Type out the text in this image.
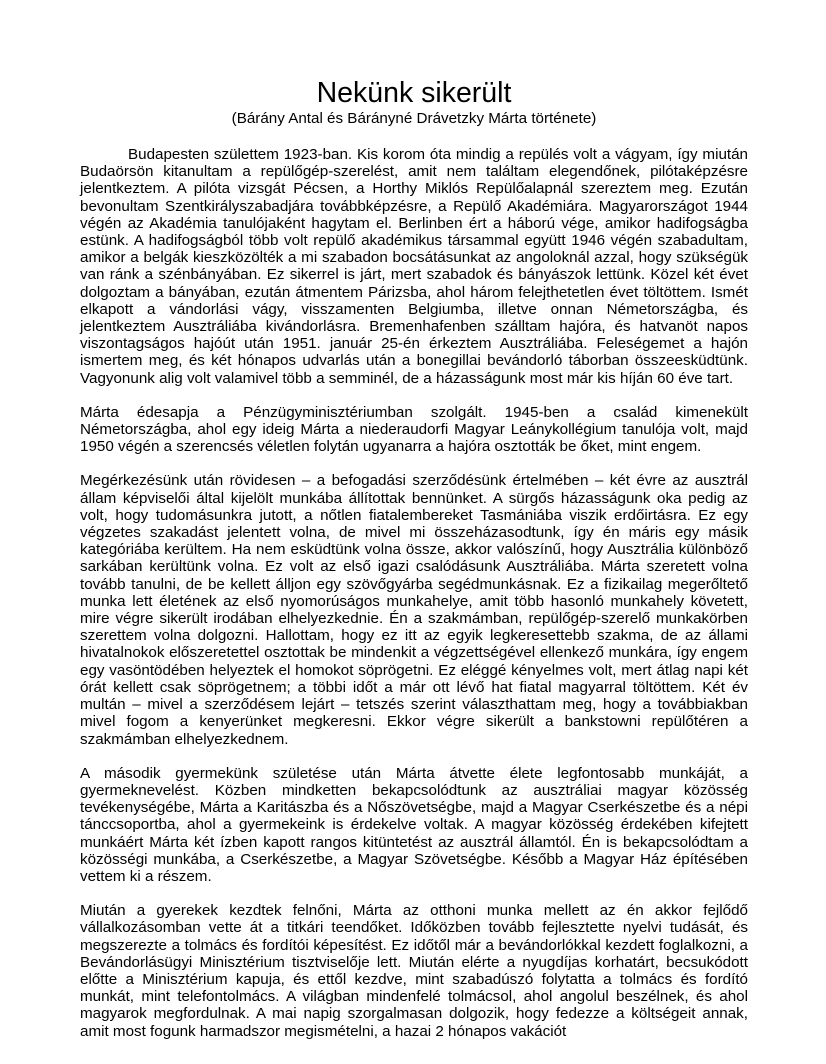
Nekünk sikerült

(Bárány Antal és Bárányné Drávetzky Márta története)

Budapesten születtem 1923-ban. Kis korom óta mindig a repülés volt a vágyam, így miután Budaörsön kitanultam a repülőgép-szerelést, amit nem találtam elegendőnek, pilótaképzésre jelentkeztem. A pilóta vizsgát Pécsen, a Horthy Miklós Repülőalapnál szereztem meg. Ezután bevonultam Szentkirályszabadjára továbbképzésre, a Repülő Akadémiára. Magyarországot 1944 végén az Akadémia tanulójaként hagytam el. Berlinben ért a háború vége, amikor hadifogságba estünk. A hadifogságból több volt repülő akadémikus társammal együtt 1946 végén szabadultam, amikor a belgák kieszközölték a mi szabadon bocsátásunkat az angoloknál azzal, hogy szükségük van ránk a szénbányában. Ez sikerrel is járt, mert szabadok és bányászok lettünk. Közel két évet dolgoztam a bányában, ezután átmentem Párizsba, ahol három felejthetetlen évet töltöttem. Ismét elkapott a vándorlási vágy, visszamenten Belgiumba, illetve onnan Németországba, és jelentkeztem Ausztráliába kivándorlásra. Bremenhafenben szálltam hajóra, és hatvanöt napos viszontagságos hajóút után 1951. január 25-én érkeztem Ausztráliába. Feleségemet a hajón ismertem meg, és két hónapos udvarlás után a bonegillai bevándorló táborban összeesküdtünk. Vagyonunk alig volt valamivel több a semminél, de a házasságunk most már kis híján 60 éve tart.

Márta édesapja a Pénzügyminisztériumban szolgált. 1945-ben a család kimenekült Németországba, ahol egy ideig Márta a niederaudorfi Magyar Leánykollégium tanulója volt, majd 1950 végén a szerencsés véletlen folytán ugyanarra a hajóra osztották be őket, mint engem.

Megérkezésünk után rövidesen – a befogadási szerződésünk értelmében – két évre az ausztrál állam képviselői által kijelölt munkába állítottak bennünket. A sürgős házasságunk oka pedig az volt, hogy tudomásunkra jutott, a nőtlen fiatalembereket Tasmániába viszik erdőirtásra. Ez egy végzetes szakadást jelentett volna, de mivel mi összeházasodtunk, így én máris egy másik kategóriába kerültem. Ha nem esküdtünk volna össze, akkor valószínű, hogy Ausztrália különböző sarkában kerültünk volna. Ez volt az első igazi csalódásunk Ausztráliába. Márta szeretett volna tovább tanulni, de be kellett álljon egy szövőgyárba segédmunkásnak. Ez a fizikailag megerőltető munka lett életének az első nyomorúságos munkahelye, amit több hasonló munkahely követett, mire végre sikerült irodában elhelyezkednie. Én a szakmámban, repülőgép-szerelő munkakörben szerettem volna dolgozni. Hallottam, hogy ez itt az egyik legkeresettebb szakma, de az állami hivatalnokok előszeretettel osztottak be mindenkit a végzettségével ellenkező munkára, így engem egy vasöntödében helyeztek el homokot söprögetni. Ez eléggé kényelmes volt, mert átlag napi két órát kellett csak söprögetnem; a többi időt a már ott lévő hat fiatal magyarral töltöttem. Két év multán – mivel a szerződésem lejárt – tetszés szerint választhattam meg, hogy a továbbiakban mivel fogom a kenyerünket megkeresni. Ekkor végre sikerült a bankstowni repülőtéren a szakmámban elhelyezkednem.

A második gyermekünk születése után Márta átvette élete legfontosabb munkáját, a gyermeknevelést. Közben mindketten bekapcsolódtunk az ausztráliai magyar közösség tevékenységébe, Márta a Karitászba és a Nőszövetségbe, majd a Magyar Cserkészetbe és a népi tánccsoportba, ahol a gyermekeink is érdekelve voltak. A magyar közösség érdekében kifejtett munkáért Márta két ízben kapott rangos kitüntetést az ausztrál államtól. Én is bekapcsolódtam a közösségi munkába, a Cserkészetbe, a Magyar Szövetségbe. Később a Magyar Ház építésében vettem ki a részem.

Miután a gyerekek kezdtek felnőni, Márta az otthoni munka mellett az én akkor fejlődő vállalkozásomban vette át a titkári teendőket. Időközben tovább fejlesztette nyelvi tudását, és megszerezte a tolmács és fordítói képesítést. Ez időtől már a bevándorlókkal kezdett foglalkozni, a Bevándorlásügyi Minisztérium tisztviselője lett. Miután elérte a nyugdíjas korhatárt, becsukódott előtte a Minisztérium kapuja, és ettől kezdve, mint szabadúszó folytatta a tolmács és fordító munkát, mint telefontolmács. A világban mindenfelé tolmácsol, ahol angolul beszélnek, és ahol magyarok megfordulnak. A mai napig szorgalmasan dolgozik, hogy fedezze a költségeit annak, amit most fogunk harmadszor megismételni, a hazai 2 hónapos vakációt
